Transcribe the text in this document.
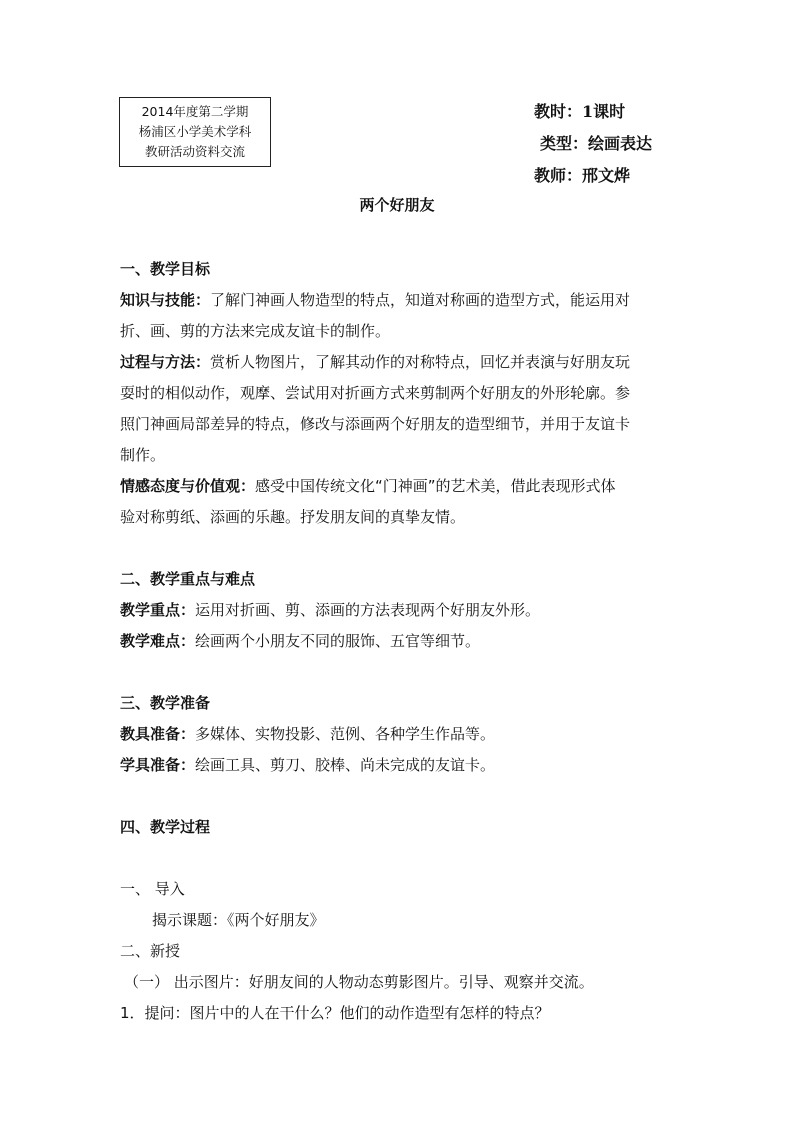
2014年度第二学期
杨浦区小学美术学科
教研活动资料交流
教时：1课时
类型：绘画表达
教师：邢文烨
两个好朋友

一、教学目标

知识与技能：了解门神画人物造型的特点，知道对称画的造型方式，能运用对

折、画、剪的方法来完成友谊卡的制作。

过程与方法：赏析人物图片，了解其动作的对称特点，回忆并表演与好朋友玩

耍时的相似动作，观摩、尝试用对折画方式来剪制两个好朋友的外形轮廓。参

照门神画局部差异的特点，修改与添画两个好朋友的造型细节，并用于友谊卡

制作。

情感态度与价值观：感受中国传统文化“门神画”的艺术美，借此表现形式体

验对称剪纸、添画的乐趣。抒发朋友间的真挚友情。

二、教学重点与难点

教学重点：运用对折画、剪、添画的方法表现两个好朋友外形。

教学难点：绘画两个小朋友不同的服饰、五官等细节。

三、教学准备

教具准备：多媒体、实物投影、范例、各种学生作品等。

学具准备：绘画工具、剪刀、胶棒、尚未完成的友谊卡。

四、教学过程

一、 导入

揭示课题：《两个好朋友》

二、新授

（一） 出示图片：好朋友间的人物动态剪影图片。引导、观察并交流。

1．提问：图片中的人在干什么？他们的动作造型有怎样的特点？
